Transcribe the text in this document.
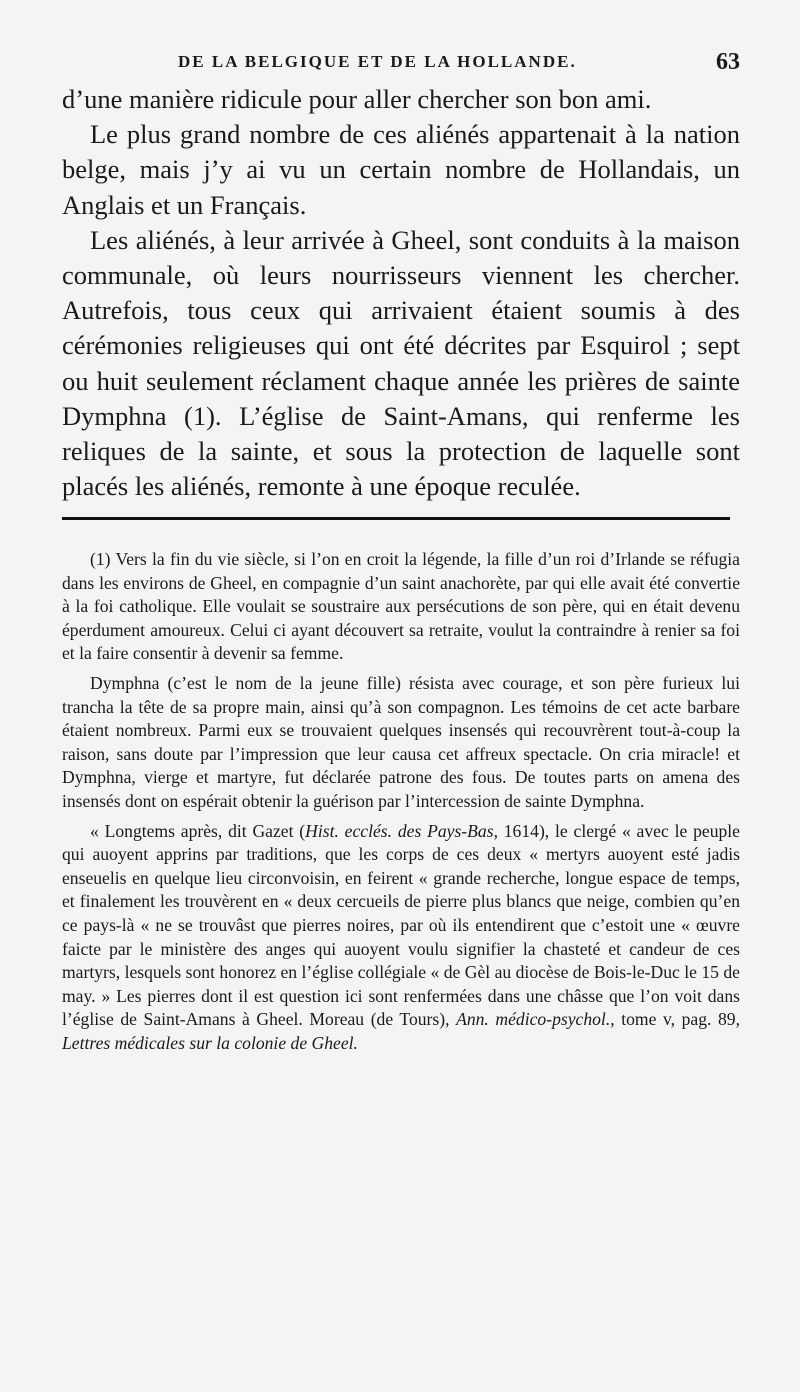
DE LA BELGIQUE ET DE LA HOLLANDE.	63

d’une manière ridicule pour aller chercher son bon ami.

Le plus grand nombre de ces aliénés appartenait à la nation belge, mais j’y ai vu un certain nombre de Hollandais, un Anglais et un Français.

Les aliénés, à leur arrivée à Gheel, sont conduits à la maison communale, où leurs nourrisseurs viennent les chercher. Autrefois, tous ceux qui arrivaient étaient soumis à des cérémonies religieuses qui ont été décrites par Esquirol ; sept ou huit seulement réclament chaque année les prières de sainte Dymphna (1). L’église de Saint-Amans, qui renferme les reliques de la sainte, et sous la protection de laquelle sont placés les aliénés, remonte à une époque reculée.

(1) Vers la fin du vie siècle, si l’on en croit la légende, la fille d’un roi d’Irlande se réfugia dans les environs de Gheel, en compagnie d’un saint anachorète, par qui elle avait été convertie à la foi catholique. Elle voulait se soustraire aux persécutions de son père, qui en était devenu éperdument amoureux. Celui ci ayant découvert sa retraite, voulut la contraindre à renier sa foi et la faire consentir à devenir sa femme.

Dymphna (c’est le nom de la jeune fille) résista avec courage, et son père furieux lui trancha la tête de sa propre main, ainsi qu’à son compagnon. Les témoins de cet acte barbare étaient nombreux. Parmi eux se trouvaient quelques insensés qui recouvrèrent tout-à-coup la raison, sans doute par l’impression que leur causa cet affreux spectacle. On cria miracle! et Dymphna, vierge et martyre, fut déclarée patrone des fous. De toutes parts on amena des insensés dont on espérait obtenir la guérison par l’intercession de sainte Dymphna.

« Longtems après, dit Gazet (Hist. ecclés. des Pays-Bas, 1614), le clergé « avec le peuple qui auoyent apprins par traditions, que les corps de ces deux « mertyrs auoyent esté jadis enseuelis en quelque lieu circonvoisin, en feirent « grande recherche, longue espace de temps, et finalement les trouvèrent en « deux cercueils de pierre plus blancs que neige, combien qu’en ce pays-là « ne se trouvâst que pierres noires, par où ils entendirent que c’estoit une « œuvre faicte par le ministère des anges qui auoyent voulu signifier la chasteté et candeur de ces martyrs, lesquels sont honorez en l’église collégiale « de Gèl au diocèse de Bois-le-Duc le 15 de may. » Les pierres dont il est question ici sont renfermées dans une châsse que l’on voit dans l’église de Saint-Amans à Gheel. Moreau (de Tours), Ann. médico-psychol., tome v, pag. 89, Lettres médicales sur la colonie de Gheel.
